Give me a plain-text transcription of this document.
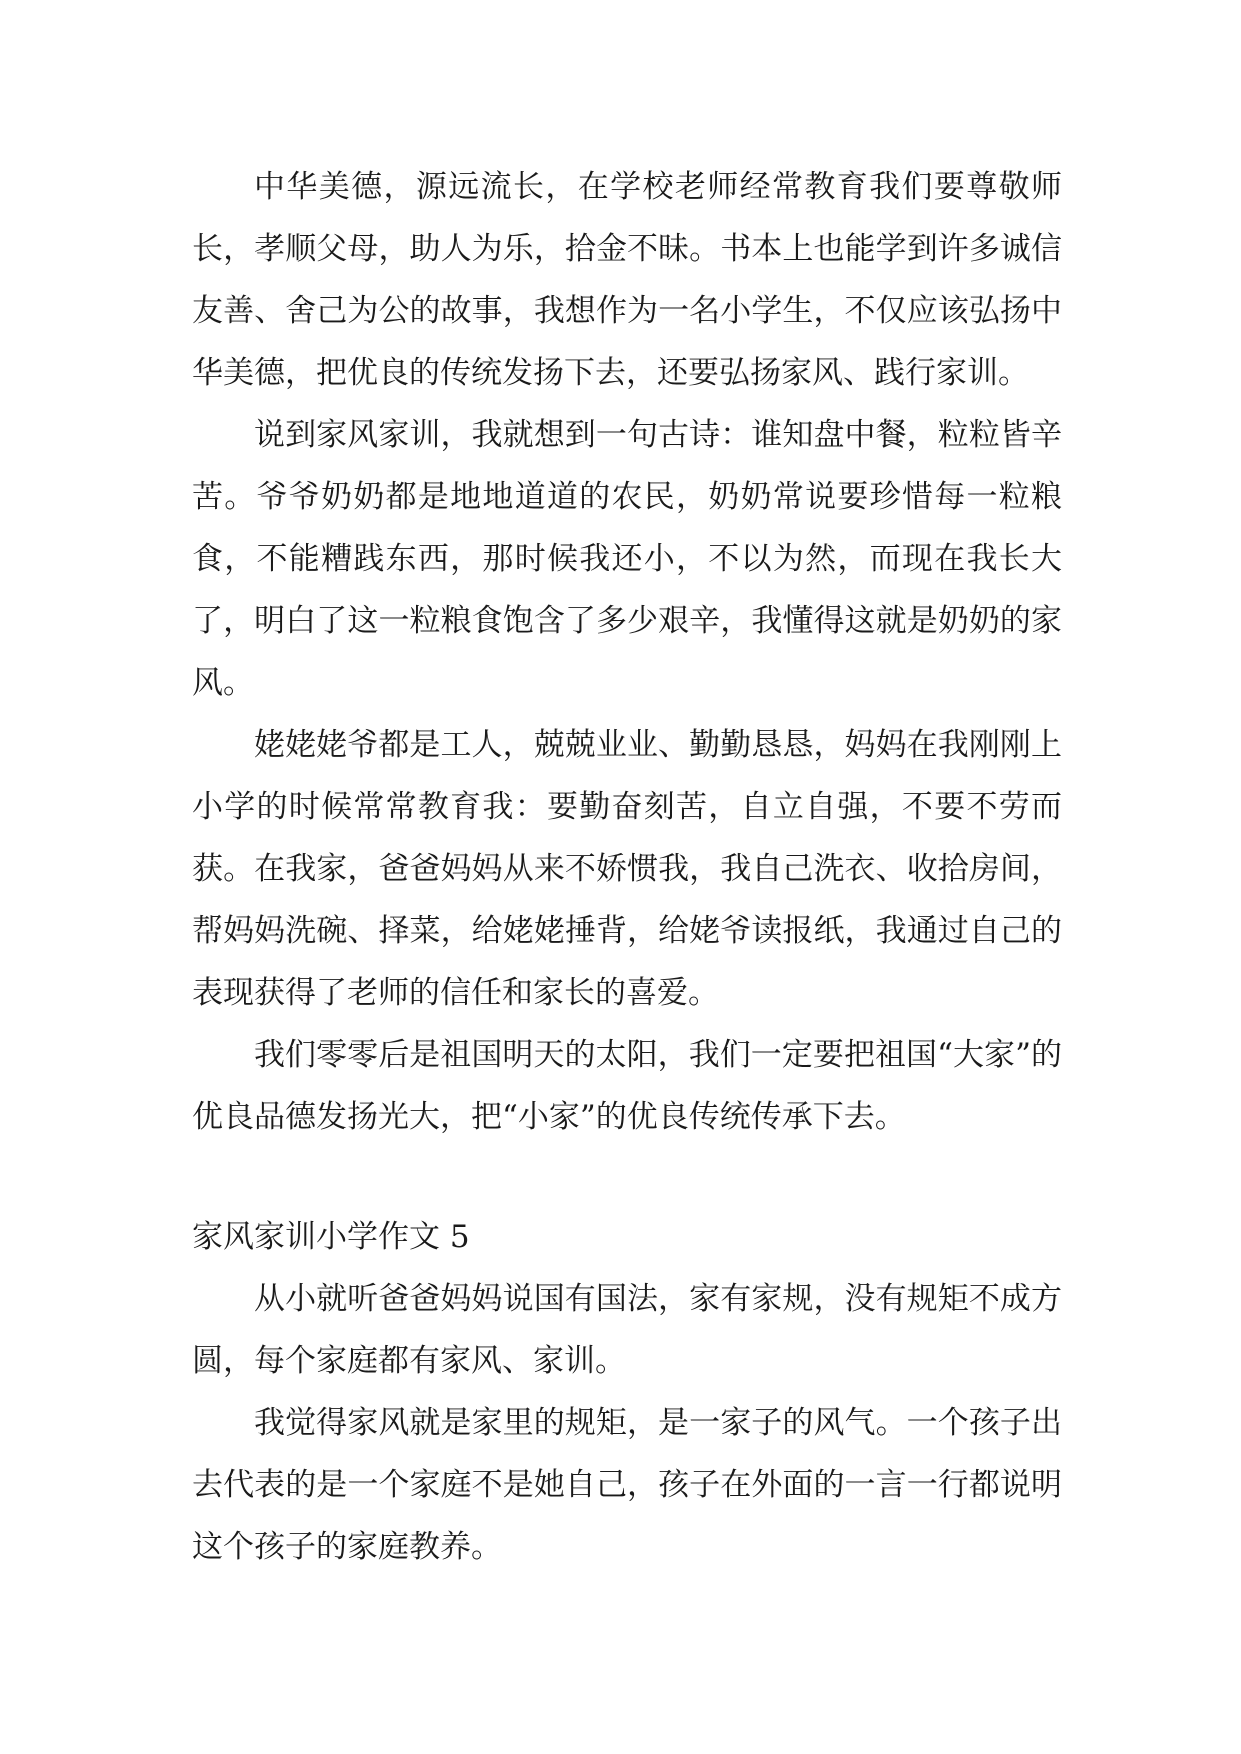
中华美德，源远流长，在学校老师经常教育我们要尊敬师长，孝顺父母，助人为乐，拾金不昧。书本上也能学到许多诚信友善、舍己为公的故事，我想作为一名小学生，不仅应该弘扬中华美德，把优良的传统发扬下去，还要弘扬家风、践行家训。

说到家风家训，我就想到一句古诗：谁知盘中餐，粒粒皆辛苦。爷爷奶奶都是地地道道的农民，奶奶常说要珍惜每一粒粮食，不能糟践东西，那时候我还小，不以为然，而现在我长大了，明白了这一粒粮食饱含了多少艰辛，我懂得这就是奶奶的家风。

姥姥姥爷都是工人，兢兢业业、勤勤恳恳，妈妈在我刚刚上小学的时候常常教育我：要勤奋刻苦，自立自强，不要不劳而获。在我家，爸爸妈妈从来不娇惯我，我自己洗衣、收拾房间，帮妈妈洗碗、择菜，给姥姥捶背，给姥爷读报纸，我通过自己的表现获得了老师的信任和家长的喜爱。

我们零零后是祖国明天的太阳，我们一定要把祖国“大家”的优良品德发扬光大，把“小家”的优良传统传承下去。

家风家训小学作文 5

从小就听爸爸妈妈说国有国法，家有家规，没有规矩不成方圆，每个家庭都有家风、家训。

我觉得家风就是家里的规矩，是一家子的风气。一个孩子出去代表的是一个家庭不是她自己，孩子在外面的一言一行都说明这个孩子的家庭教养。
